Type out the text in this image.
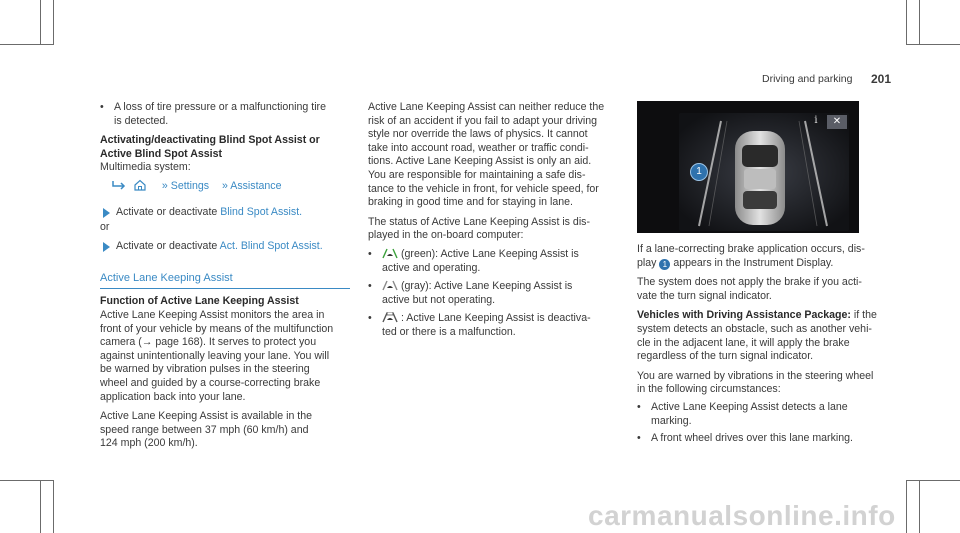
Driving and parking 201
• A loss of tire pressure or a malfunctioning tire
is detected.
Activating/deactivating Blind Spot Assist or
Active Blind Spot Assist
Multimedia system:
» Settings » Assistance
Activate or deactivate Blind Spot Assist.
or
Activate or deactivate Act. Blind Spot Assist.
Active Lane Keeping Assist
Function of Active Lane Keeping Assist
Active Lane Keeping Assist monitors the area in
front of your vehicle by means of the multifunction
camera (→ page 168). It serves to protect you
against unintentionally leaving your lane. You will
be warned by vibration pulses in the steering
wheel and guided by a course-correcting brake
application back into your lane.
Active Lane Keeping Assist is available in the
speed range between 37 mph (60 km/h) and
124 mph (200 km/h).
Active Lane Keeping Assist can neither reduce the
risk of an accident if you fail to adapt your driving
style nor override the laws of physics. It cannot
take into account road, weather or traffic condi-
tions. Active Lane Keeping Assist is only an aid.
You are responsible for maintaining a safe dis-
tance to the vehicle in front, for vehicle speed, for
braking in good time and for staying in lane.
The status of Active Lane Keeping Assist is dis-
played in the on-board computer:
•	(green): Active Lane Keeping Assist is
active and operating.
•	(gray): Active Lane Keeping Assist is
active but not operating.
•	: Active Lane Keeping Assist is deactiva-
ted or there is a malfunction.
1
i	✕
If a lane-correcting brake application occurs, dis-
play 1 appears in the Instrument Display.
The system does not apply the brake if you acti-
vate the turn signal indicator.
Vehicles with Driving Assistance Package: if the
system detects an obstacle, such as another vehi-
cle in the adjacent lane, it will apply the brake
regardless of the turn signal indicator.
You are warned by vibrations in the steering wheel
in the following circumstances:
• Active Lane Keeping Assist detects a lane
marking.
• A front wheel drives over this lane marking.
carmanualsonline.info
